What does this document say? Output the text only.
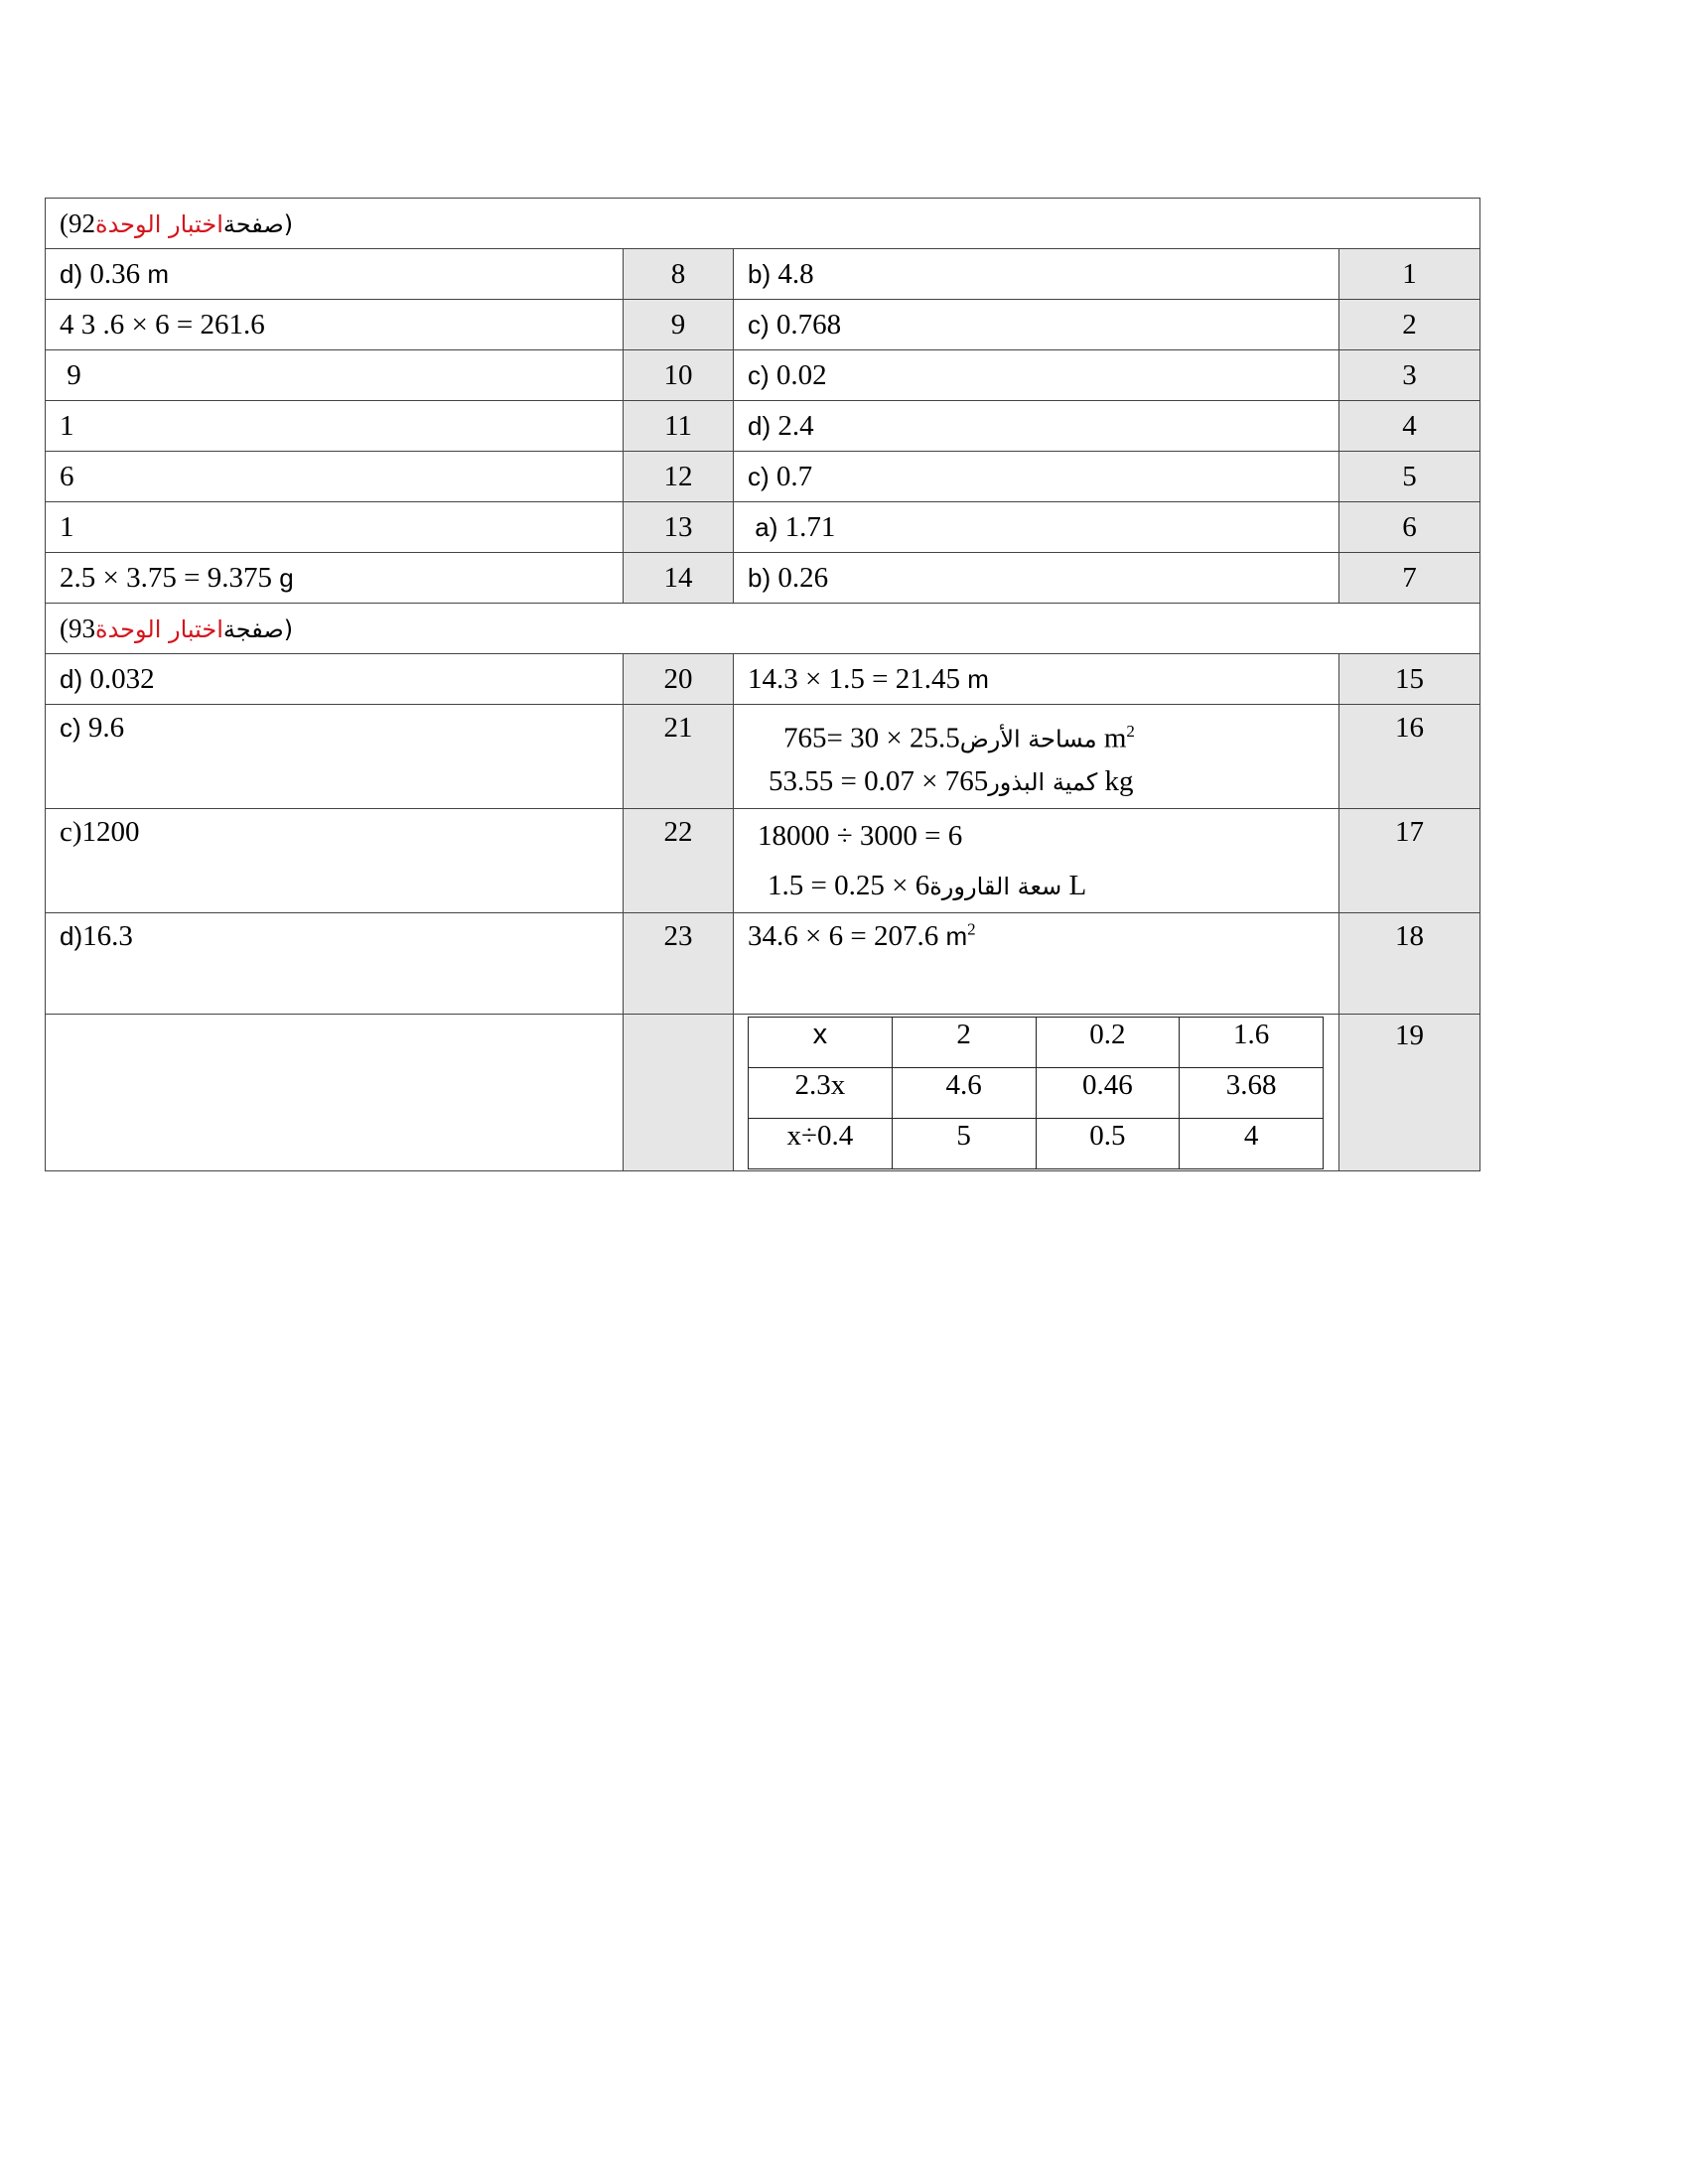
(صفحةاختبار الوحدة92)

d) 0.36 m	8	b) 4.8	1
4 3 .6 × 6 = 261.6	9	c) 0.768	2
9	10	c) 0.02	3
1	11	d) 2.4	4
6	12	c) 0.7	5
1	13	a) 1.71	6
2.5 × 3.75 = 9.375 g	14	b) 0.26	7

(صفجةاختبار الوحدة93)

d) 0.032	20	14.3 × 1.5 = 21.45 m	15
c) 9.6	21	مساحة الأرض25.5 × 30 =765 $m^2$
كمية البذور765 × 0.07 = 53.55 kg
	16
c)1200	22	18000 ÷ 3000 = 6
سعة القارورة6 × 0.25 = 1.5 L
	17
d)16.3	23	34.6 × 6 = 207.6 $m^2$	18

x	2	0.2	1.6
2.3x	4.6	0.46	3.68
x÷0.4	5	0.5	4
	19
